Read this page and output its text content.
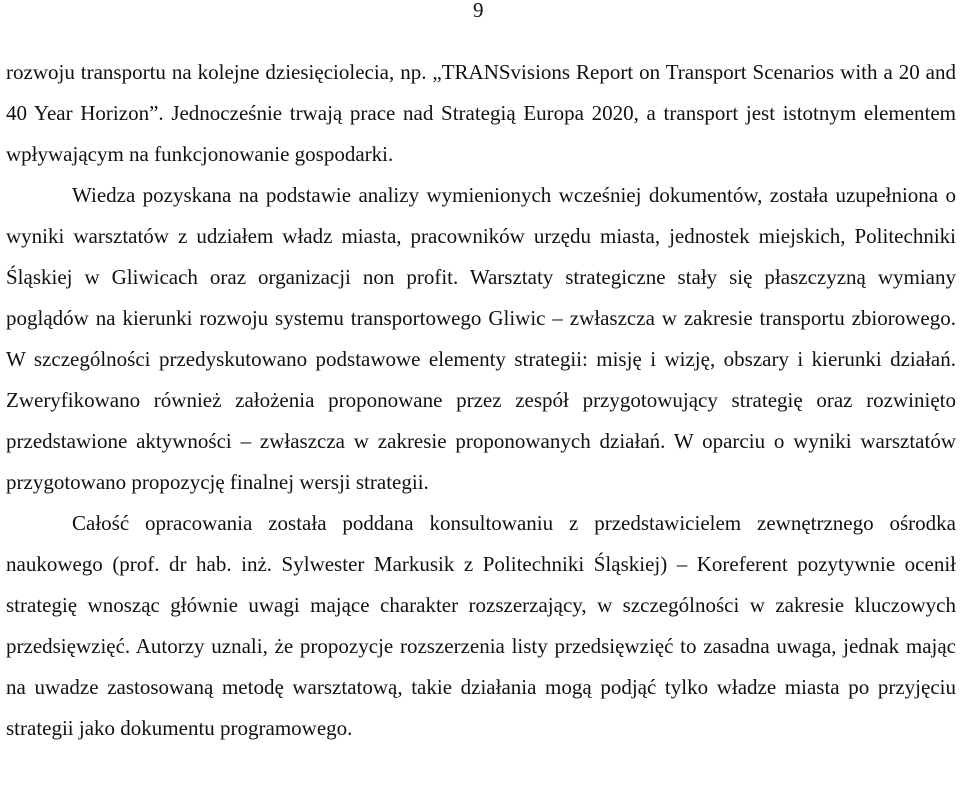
9

rozwoju transportu na kolejne dziesięciolecia, np. „TRANSvisions Report on Transport Scenarios with a 20 and 40 Year Horizon”. Jednocześnie trwają prace nad Strategią Europa 2020, a transport jest istotnym elementem wpływającym na funkcjonowanie gospodarki.

Wiedza pozyskana na podstawie analizy wymienionych wcześniej dokumentów, została uzupełniona o wyniki warsztatów z udziałem władz miasta, pracowników urzędu miasta, jednostek miejskich, Politechniki Śląskiej w Gliwicach oraz organizacji non profit. Warsztaty strategiczne stały się płaszczyzną wymiany poglądów na kierunki rozwoju systemu transportowego Gliwic – zwłaszcza w zakresie transportu zbiorowego. W szczególności przedyskutowano podstawowe elementy strategii: misję i wizję, obszary i kierunki działań. Zweryfikowano również założenia proponowane przez zespół przygotowujący strategię oraz rozwinięto przedstawione aktywności – zwłaszcza w zakresie proponowanych działań. W oparciu o wyniki warsztatów przygotowano propozycję finalnej wersji strategii.

Całość opracowania została poddana konsultowaniu z przedstawicielem zewnętrznego ośrodka naukowego (prof. dr hab. inż. Sylwester Markusik z Politechniki Śląskiej) – Koreferent pozytywnie ocenił strategię wnosząc głównie uwagi mające charakter rozszerzający, w szczególności w zakresie kluczowych przedsięwzięć. Autorzy uznali, że propozycje rozszerzenia listy przedsięwzięć to zasadna uwaga, jednak mając na uwadze zastosowaną metodę warsztatową, takie działania mogą podjąć tylko władze miasta po przyjęciu strategii jako dokumentu programowego.
